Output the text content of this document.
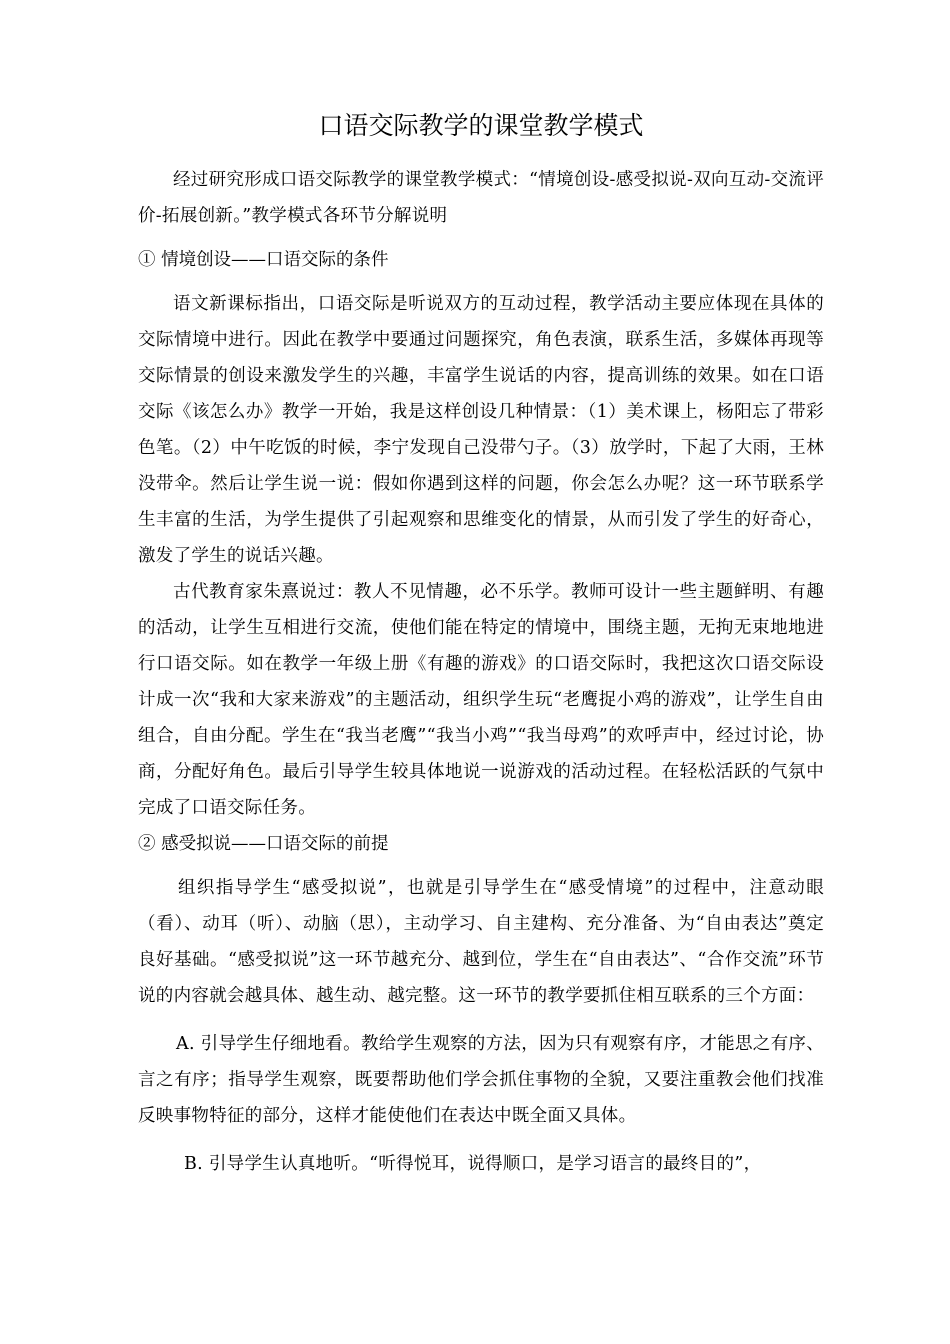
口语交际教学的课堂教学模式

经过研究形成口语交际教学的课堂教学模式：“情境创设-感受拟说-双向互动-交流评价-拓展创新。”教学模式各环节分解说明

① 情境创设——口语交际的条件

语文新课标指出，口语交际是听说双方的互动过程，教学活动主要应体现在具体的交际情境中进行。因此在教学中要通过问题探究，角色表演，联系生活，多媒体再现等交际情景的创设来激发学生的兴趣，丰富学生说话的内容，提高训练的效果。如在口语交际《该怎么办》教学一开始，我是这样创设几种情景：（1）美术课上，杨阳忘了带彩色笔。（2）中午吃饭的时候，李宁发现自己没带勺子。（3）放学时，下起了大雨，王林没带伞。然后让学生说一说：假如你遇到这样的问题，你会怎么办呢？这一环节联系学生丰富的生活，为学生提供了引起观察和思维变化的情景，从而引发了学生的好奇心，激发了学生的说话兴趣。

古代教育家朱熹说过：教人不见情趣，必不乐学。教师可设计一些主题鲜明、有趣的活动，让学生互相进行交流，使他们能在特定的情境中，围绕主题，无拘无束地地进行口语交际。如在教学一年级上册《有趣的游戏》的口语交际时，我把这次口语交际设计成一次“我和大家来游戏”的主题活动，组织学生玩“老鹰捉小鸡的游戏”，让学生自由组合，自由分配。学生在“我当老鹰”“我当小鸡”“我当母鸡”的欢呼声中，经过讨论，协商，分配好角色。最后引导学生较具体地说一说游戏的活动过程。在轻松活跃的气氛中完成了口语交际任务。

② 感受拟说——口语交际的前提

组织指导学生“感受拟说”，也就是引导学生在“感受情境”的过程中，注意动眼（看）、动耳（听）、动脑（思），主动学习、自主建构、充分准备、为“自由表达”奠定良好基础。“感受拟说”这一环节越充分、越到位，学生在“自由表达”、“合作交流”环节说的内容就会越具体、越生动、越完整。这一环节的教学要抓住相互联系的三个方面：

A. 引导学生仔细地看。教给学生观察的方法，因为只有观察有序，才能思之有序、言之有序；指导学生观察，既要帮助他们学会抓住事物的全貌，又要注重教会他们找准反映事物特征的部分，这样才能使他们在表达中既全面又具体。

B. 引导学生认真地听。“听得悦耳，说得顺口，是学习语言的最终目的”，
